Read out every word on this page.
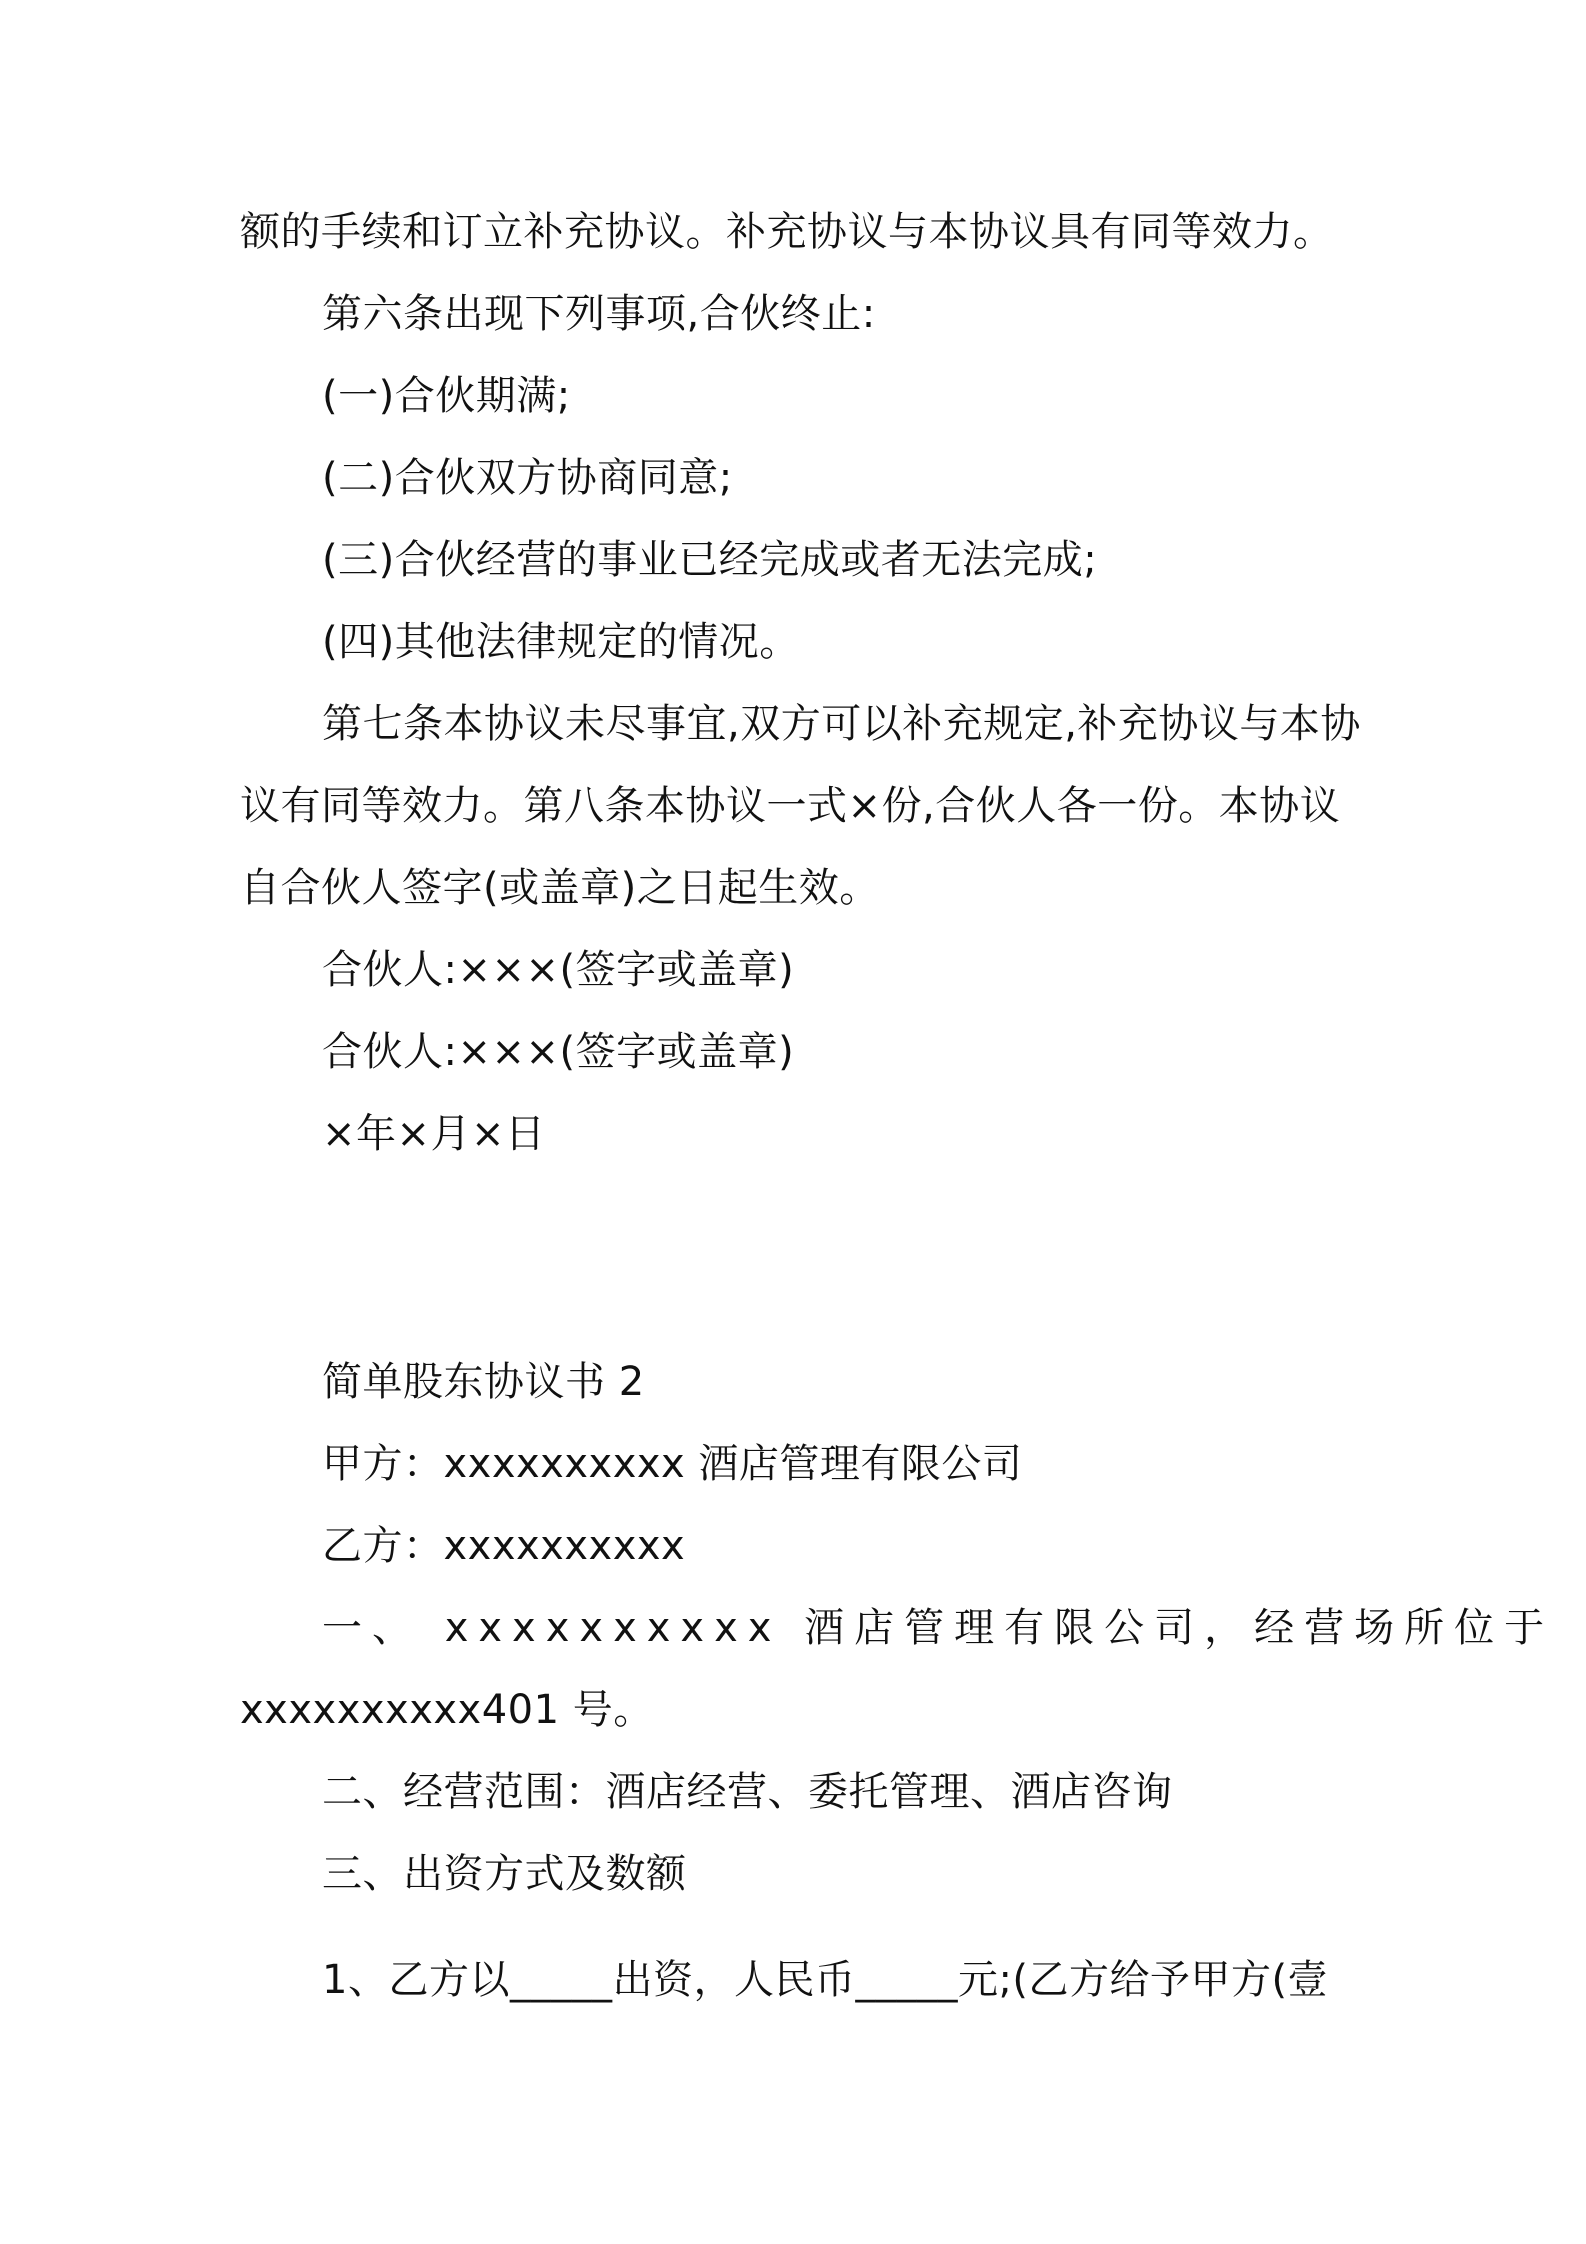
额的手续和订立补充协议。补充协议与本协议具有同等效力。

第六条出现下列事项,合伙终止:

(一)合伙期满;

(二)合伙双方协商同意;

(三)合伙经营的事业已经完成或者无法完成;

(四)其他法律规定的情况。

第七条本协议未尽事宜,双方可以补充规定,补充协议与本协

议有同等效力。第八条本协议一式×份,合伙人各一份。本协议

自合伙人签字(或盖章)之日起生效。

合伙人:×××(签字或盖章)

合伙人:×××(签字或盖章)

×年×月×日

简单股东协议书 2

甲方：xxxxxxxxxx 酒店管理有限公司

乙方：xxxxxxxxxx

一、 xxxxxxxxxx 酒店管理有限公司，经营场所位于

xxxxxxxxxx401 号。

二、经营范围：酒店经营、委托管理、酒店咨询

三、出资方式及数额

1、乙方以_____出资，人民币_____元;(乙方给予甲方(壹
